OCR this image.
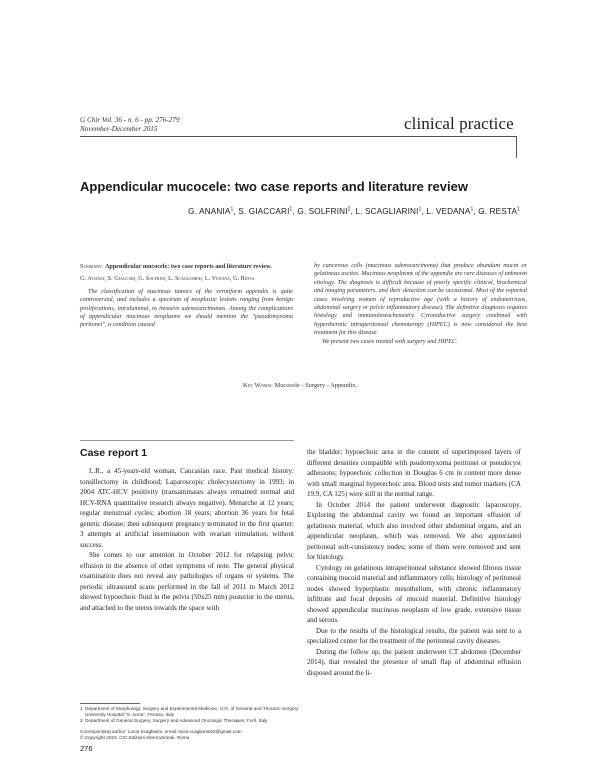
G Chir Vol. 36 - n. 6 - pp. 276-279
November-December 2015	clinical practice
Appendicular mucocele: two case reports and literature review
G. ANANIA$^1$, S. GIACCARI$^1$, G. SOLFRINI$^2$, L. SCAGLIARINI$^1$, L. VEDANA$^1$, G. RESTA$^1$

Summary: Appendicular mucocele: two case reports and literature review.

G. Anania, S. Giaccari, G. Solfrini, L. Scagliarini, L. Vedana, G. Resta

The classification of mucinous tumors of the vermiform appendix is quite controversial, and includes a spectrum of neoplastic lesions ranging from benign proliferations, intraluminal, to invasive adenocarcinomas. Among the complications of appendicular mucinous neoplasms we should mention the "pseudomyxoma peritonei", a condition caused

by cancerous cells (mucinous adenocarcinoma) that produce abundant mucin or gelatinous ascites. Mucinous neoplasms of the appendix are rare diseases of unknown etiology. The diagnosis is difficult because of poorly specific clinical, biochemical and imaging parameters, and their detection can be occasional. Most of the reported cases involving women of reproductive age (with a history of endometriosis, abdominal surgery or pelvic inflammatory disease). The definitive diagnosis requires histology and immunohistochemistry. Cytoreductive surgery combined with hyperthermic intraperitoneal chemoterapy (HIPEC) is now considered the best treatment for this disease.

We present two cases treated with surgery and HIPEC.

Key Words: Mucocele - Surgery - Appendix.
Case report 1

L.R., a 45-years-old woman, Caucasian race. Past medical history: tonsillectomy in childhood; Laparoscopic cholecystectomy in 1993; in 2004 ATC-HCV positivity (transaminases always remained normal and HCV-RNA quantitative research always negative). Menarche at 12 years; regular menstrual cycles; abortion 18 years; abortion 36 years for fetal genetic disease; then subsequent pregnancy terminated in the first quarter; 3 attempts at artificial insemination with ovarian stimulation, without success.

She comes to our attention in October 2012 for relapsing pelvic effusion in the absence of other symptoms of note. The general physical examination does not reveal any pathologies of organs or systems. The periodic ultrasound scans performed in the fall of 2011 to March 2012 showed hypoechoic fluid in the pelvis (50x25 mm) posterior to the uterus, and attached to the uterus towards the space with

the bladder; hypoechoic area in the content of superimposed layers of different densities compatible with psudomyxoma peritonei or pseudocyst adhesions; hypoechoic collection in Douglas 6 cm in content more dense with small marginal hyperechoic area. Blood tests and tumor markers (CA 19.9, CA 125) were still in the normal range.

In October 2014 the patient underwent diagnostic laparoscopy. Exploring the abdominal cavity we found an important effusion of gelatinous material, which also involved other abdominal organs, and an appendicular neoplasm, which was removed. We also appreciated peritoneal soft-consistency nodes; some of them were removed and sent for histology.

Cytology on gelatinous intraperitoneal substance showed fibrous tissue containing mucoid material and inflammatory cells; histology of peritoneal nodes showed hyperplastic mesothelium, with chronic inflammatory infiltrate and focal deposits of mucoid material. Definitive histology showed appendicular mucinous neoplasm of low grade, extensive tissue and serous.

Due to the results of the histological results, the patient was sent to a specialized center for the treatment of the peritoneal cavity diseases.

During the follow up, the patient underwent CT abdomen (December 2014), that revealed the presence of small flap of abdominal effusion disposed around the li-

1 Department of Morphology, Surgery and Experimental Medicine, U.O. of General and Thoracic Surgery University Hospital "S. Anna", Ferrara, Italy
2 Department of General Surgery, Surgery and Advanced Oncologic Therapies, Forlì, Italy
Corresponding author: Lucia Scagliarini, email: lucia.scagliarini92@gmail.com
© Copyright 2015, CIC Edizioni Internazionali, Roma
276
